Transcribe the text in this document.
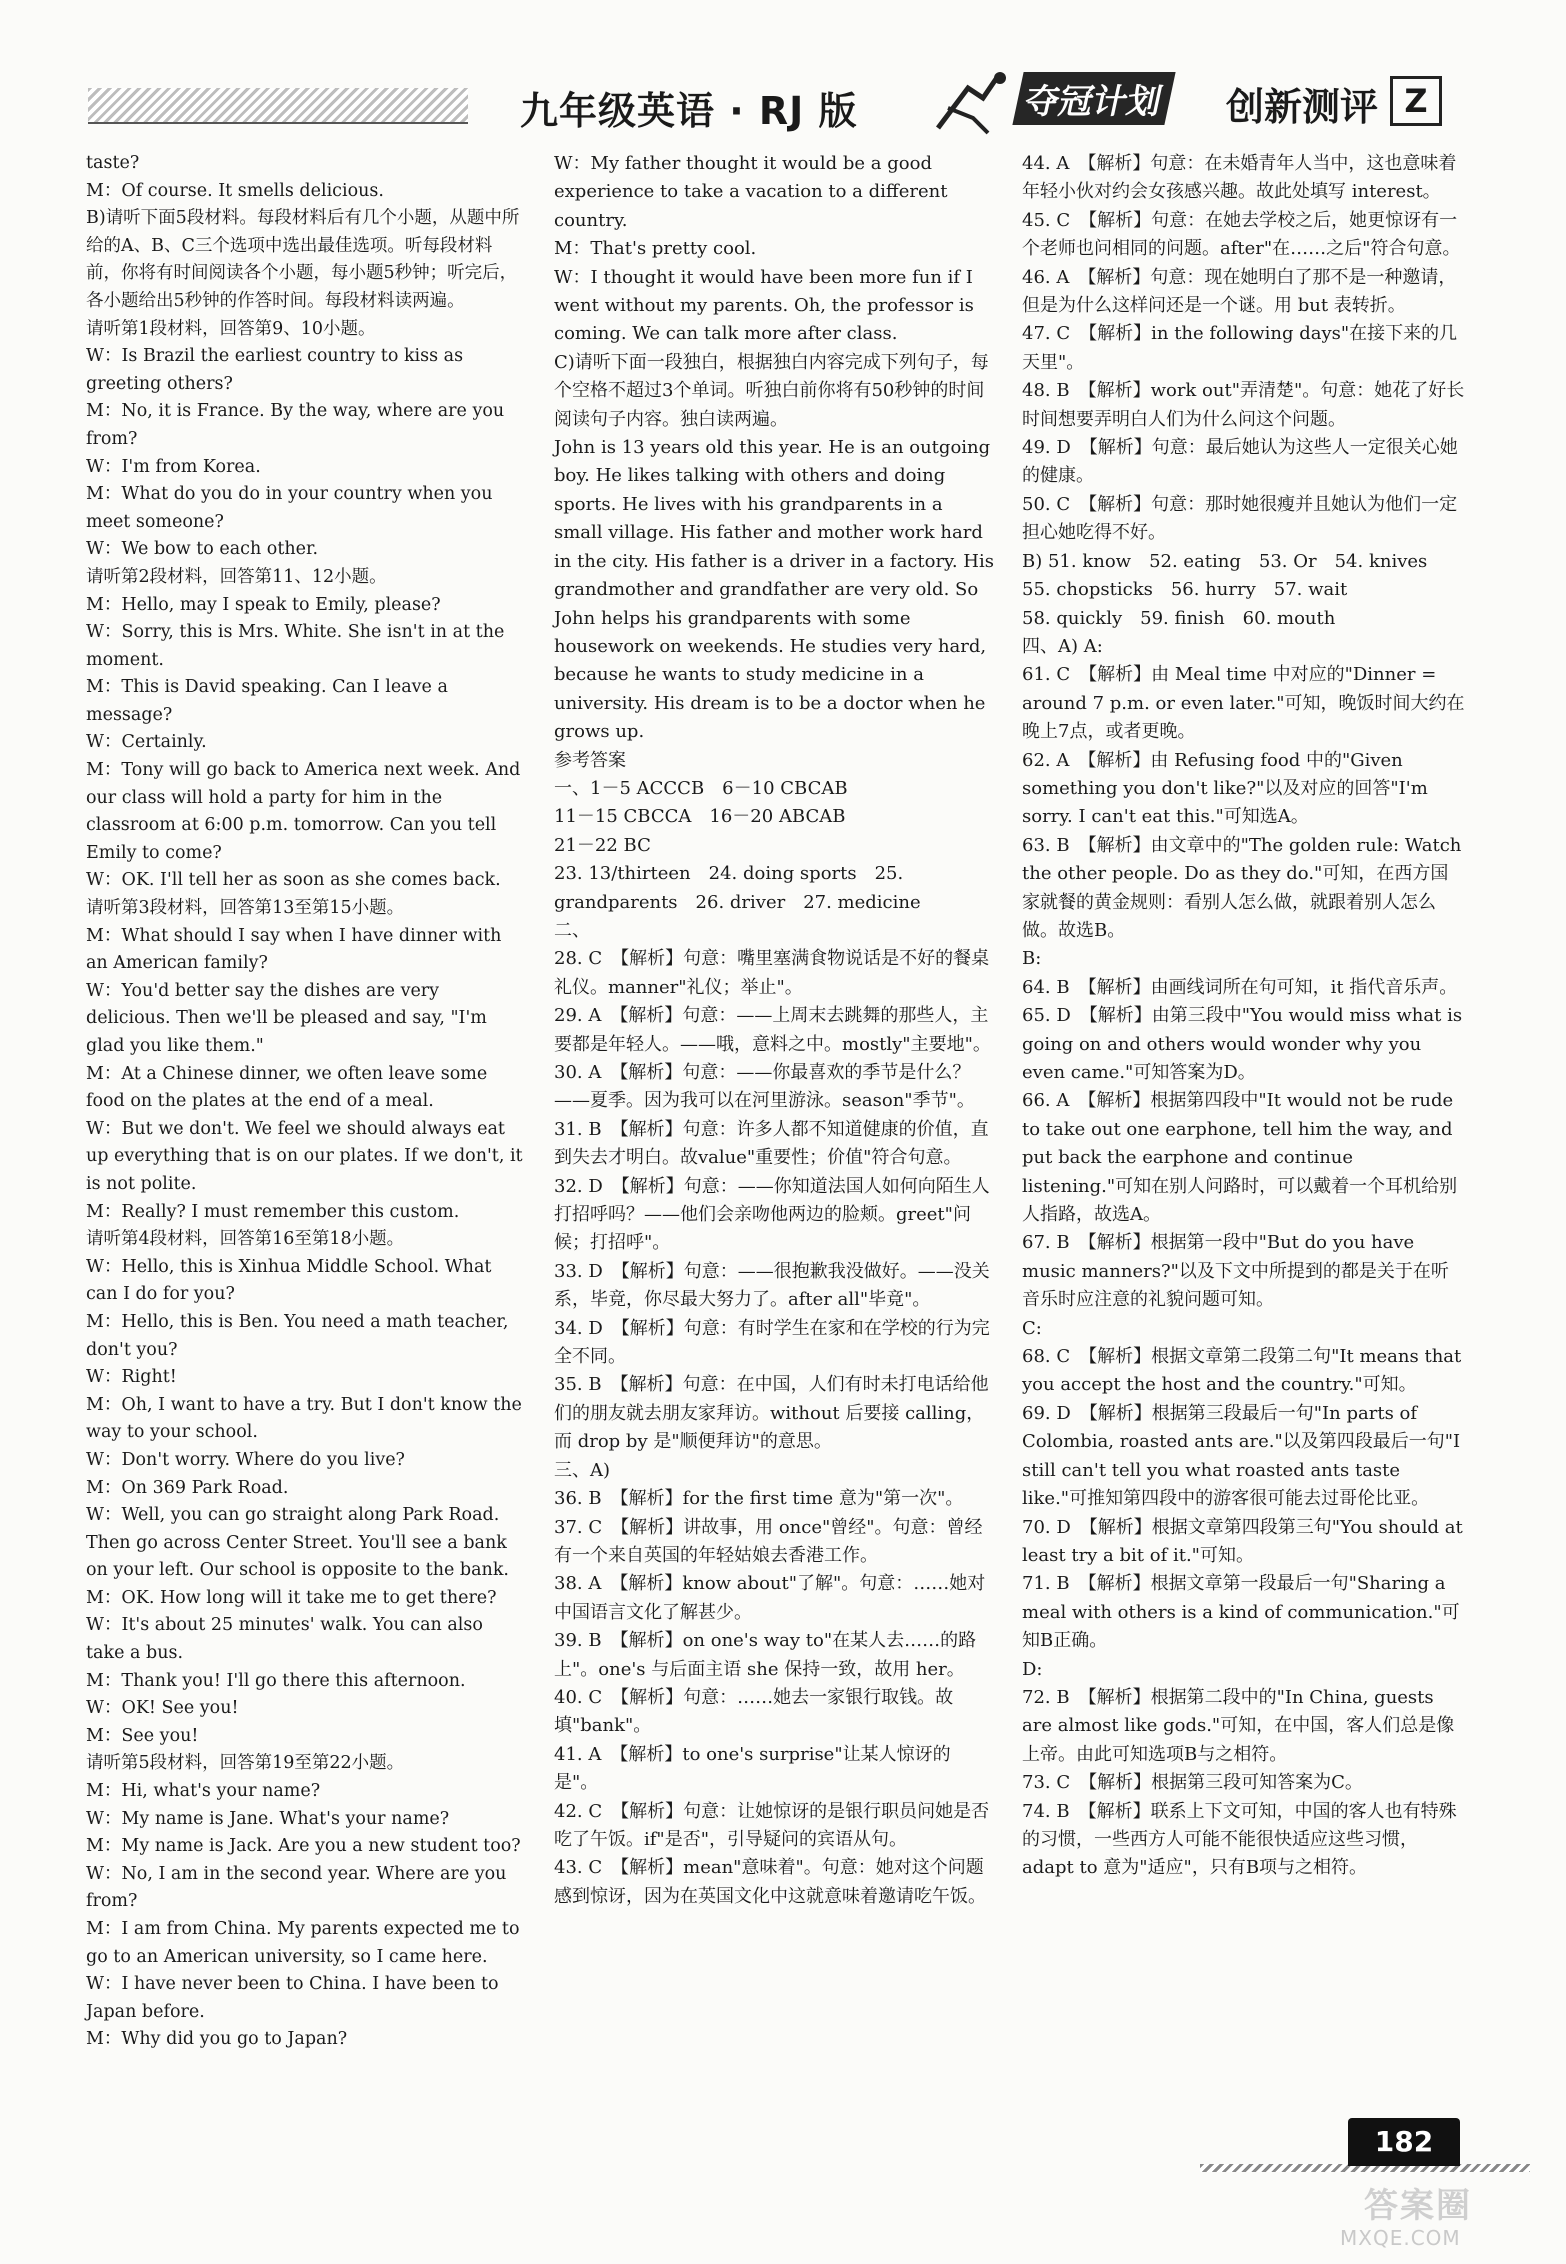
九年级英语 · RJ 版	夺冠计划 创新测评 Z

taste?

M：Of course. It smells delicious.

B)请听下面5段材料。每段材料后有几个小题，从题中所给的A、B、C三个选项中选出最佳选项。听每段材料前，你将有时间阅读各个小题，每小题5秒钟；听完后，各小题给出5秒钟的作答时间。每段材料读两遍。

请听第1段材料，回答第9、10小题。

W：Is Brazil the earliest country to kiss as greeting others?

M：No, it is France. By the way, where are you from?

W：I'm from Korea.

M：What do you do in your country when you meet someone?

W：We bow to each other.

请听第2段材料，回答第11、12小题。

M：Hello, may I speak to Emily, please?

W：Sorry, this is Mrs. White. She isn't in at the moment.

M：This is David speaking. Can I leave a message?

W：Certainly.

M：Tony will go back to America next week. And our class will hold a party for him in the classroom at 6:00 p.m. tomorrow. Can you tell Emily to come?

W：OK. I'll tell her as soon as she comes back.

请听第3段材料，回答第13至第15小题。

M：What should I say when I have dinner with an American family?

W：You'd better say the dishes are very delicious. Then we'll be pleased and say, "I'm glad you like them."

M：At a Chinese dinner, we often leave some food on the plates at the end of a meal.

W：But we don't. We feel we should always eat up everything that is on our plates. If we don't, it is not polite.

M：Really? I must remember this custom.

请听第4段材料，回答第16至第18小题。

W：Hello, this is Xinhua Middle School. What can I do for you?

M：Hello, this is Ben. You need a math teacher, don't you?

W：Right!

M：Oh, I want to have a try. But I don't know the way to your school.

W：Don't worry. Where do you live?

M：On 369 Park Road.

W：Well, you can go straight along Park Road. Then go across Center Street. You'll see a bank on your left. Our school is opposite to the bank.

M：OK. How long will it take me to get there?

W：It's about 25 minutes' walk. You can also take a bus.

M：Thank you! I'll go there this afternoon.

W：OK! See you!

M：See you!

请听第5段材料，回答第19至第22小题。

M：Hi, what's your name?

W：My name is Jane. What's your name?

M：My name is Jack. Are you a new student too?

W：No, I am in the second year. Where are you from?

M：I am from China. My parents expected me to go to an American university, so I came here.

W：I have never been to China. I have been to Japan before.

M：Why did you go to Japan?

W：My father thought it would be a good experience to take a vacation to a different country.

M：That's pretty cool.

W：I thought it would have been more fun if I went without my parents. Oh, the professor is coming. We can talk more after class.

C)请听下面一段独白，根据独白内容完成下列句子，每个空格不超过3个单词。听独白前你将有50秒钟的时间阅读句子内容。独白读两遍。

John is 13 years old this year. He is an outgoing boy. He likes talking with others and doing sports. He lives with his grandparents in a small village. His father and mother work hard in the city. His father is a driver in a factory. His grandmother and grandfather are very old. So John helps his grandparents with some housework on weekends. He studies very hard, because he wants to study medicine in a university. His dream is to be a doctor when he grows up.

参考答案

一、1－5 ACCCB　6－10 CBCAB

11－15 CBCCA　16－20 ABCAB

21－22 BC

23. 13/thirteen　24. doing sports　25. grandparents　26. driver　27. medicine

二、

28. C　【解析】句意：嘴里塞满食物说话是不好的餐桌礼仪。manner"礼仪；举止"。

29. A　【解析】句意：——上周末去跳舞的那些人，主要都是年轻人。——哦，意料之中。mostly"主要地"。

30. A　【解析】句意：——你最喜欢的季节是什么？——夏季。因为我可以在河里游泳。season"季节"。

31. B　【解析】句意：许多人都不知道健康的价值，直到失去才明白。故value"重要性；价值"符合句意。

32. D　【解析】句意：——你知道法国人如何向陌生人打招呼吗？——他们会亲吻他两边的脸颊。greet"问候；打招呼"。

33. D　【解析】句意：——很抱歉我没做好。——没关系，毕竟，你尽最大努力了。after all"毕竟"。

34. D　【解析】句意：有时学生在家和在学校的行为完全不同。

35. B　【解析】句意：在中国，人们有时未打电话给他们的朋友就去朋友家拜访。without 后要接 calling，而 drop by 是"顺便拜访"的意思。

三、A)

36. B　【解析】for the first time 意为"第一次"。

37. C　【解析】讲故事，用 once"曾经"。句意：曾经有一个来自英国的年轻姑娘去香港工作。

38. A　【解析】know about"了解"。句意：……她对中国语言文化了解甚少。

39. B　【解析】on one's way to"在某人去……的路上"。one's 与后面主语 she 保持一致，故用 her。

40. C　【解析】句意：……她去一家银行取钱。故填"bank"。

41. A　【解析】to one's surprise"让某人惊讶的是"。

42. C　【解析】句意：让她惊讶的是银行职员问她是否吃了午饭。if"是否"，引导疑问的宾语从句。

43. C　【解析】mean"意味着"。句意：她对这个问题感到惊讶，因为在英国文化中这就意味着邀请吃午饭。

44. A　【解析】句意：在未婚青年人当中，这也意味着年轻小伙对约会女孩感兴趣。故此处填写 interest。

45. C　【解析】句意：在她去学校之后，她更惊讶有一个老师也问相同的问题。after"在……之后"符合句意。

46. A　【解析】句意：现在她明白了那不是一种邀请，但是为什么这样问还是一个谜。用 but 表转折。

47. C　【解析】in the following days"在接下来的几天里"。

48. B　【解析】work out"弄清楚"。句意：她花了好长时间想要弄明白人们为什么问这个问题。

49. D　【解析】句意：最后她认为这些人一定很关心她的健康。

50. C　【解析】句意：那时她很瘦并且她认为他们一定担心她吃得不好。

B) 51. know　52. eating　53. Or　54. knives

55. chopsticks　56. hurry　57. wait

58. quickly　59. finish　60. mouth

四、A) A:

61. C　【解析】由 Meal time 中对应的"Dinner = around 7 p.m. or even later."可知，晚饭时间大约在晚上7点，或者更晚。

62. A　【解析】由 Refusing food 中的"Given something you don't like?"以及对应的回答"I'm sorry. I can't eat this."可知选A。

63. B　【解析】由文章中的"The golden rule: Watch the other people. Do as they do."可知，在西方国家就餐的黄金规则：看别人怎么做，就跟着别人怎么做。故选B。

B:

64. B　【解析】由画线词所在句可知，it 指代音乐声。

65. D　【解析】由第三段中"You would miss what is going on and others would wonder why you even came."可知答案为D。

66. A　【解析】根据第四段中"It would not be rude to take out one earphone, tell him the way, and put back the earphone and continue listening."可知在别人问路时，可以戴着一个耳机给别人指路，故选A。

67. B　【解析】根据第一段中"But do you have music manners?"以及下文中所提到的都是关于在听音乐时应注意的礼貌问题可知。

C:

68. C　【解析】根据文章第二段第二句"It means that you accept the host and the country."可知。

69. D　【解析】根据第三段最后一句"In parts of Colombia, roasted ants are."以及第四段最后一句"I still can't tell you what roasted ants taste like."可推知第四段中的游客很可能去过哥伦比亚。

70. D　【解析】根据文章第四段第三句"You should at least try a bit of it."可知。

71. B　【解析】根据文章第一段最后一句"Sharing a meal with others is a kind of communication."可知B正确。

D:

72. B　【解析】根据第二段中的"In China, guests are almost like gods."可知，在中国，客人们总是像上帝。由此可知选项B与之相符。

73. C　【解析】根据第三段可知答案为C。

74. B　【解析】联系上下文可知，中国的客人也有特殊的习惯，一些西方人可能不能很快适应这些习惯，adapt to 意为"适应"，只有B项与之相符。

182
答案圈
MXQE.COM
